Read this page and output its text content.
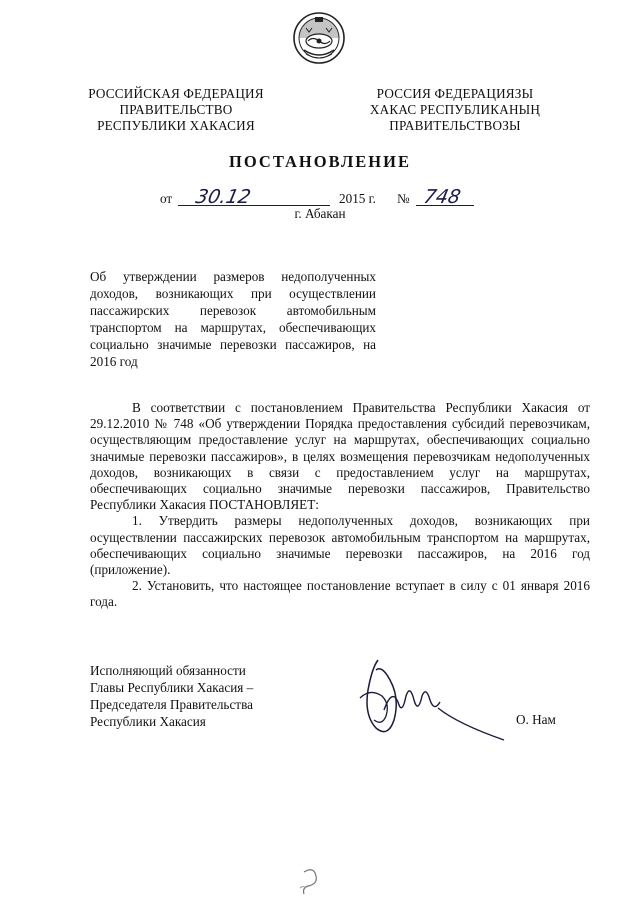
РОССИЙСКАЯ ФЕДЕРАЦИЯ
ПРАВИТЕЛЬСТВО
РЕСПУБЛИКИ ХАКАСИЯ
РОССИЯ ФЕДЕРАЦИЯЗЫ
ХАКАС РЕСПУБЛИКАНЫҢ
ПРАВИТЕЛЬСТВОЗЫ
ПОСТАНОВЛЕНИЕ
от 30.12	2015 г. № 748
г. Абакан
Об утверждении размеров недополученных доходов, возникающих при осуществлении пассажирских перевозок автомобильным транспортом на маршрутах, обеспечивающих социально значимые перевозки пассажиров, на 2016 год

В соответствии с постановлением Правительства Республики Хакасия от 29.12.2010 № 748 «Об утверждении Порядка предоставления субсидий перевозчикам, осуществляющим предоставление услуг на маршрутах, обеспечивающих социально значимые перевозки пассажиров», в целях возмещения перевозчикам недополученных доходов, возникающих в связи с предоставлением услуг на маршрутах, обеспечивающих социально значимые перевозки пассажиров, Правительство Республики Хакасия ПОСТАНОВЛЯЕТ:

1. Утвердить размеры недополученных доходов, возникающих при осуществлении пассажирских перевозок автомобильным транспортом на маршрутах, обеспечивающих социально значимые перевозки пассажиров, на 2016 год (приложение).

2. Установить, что настоящее постановление вступает в силу с 01 января 2016 года.

Исполняющий обязанности
Главы Республики Хакасия –
Председателя Правительства
Республики Хакасия	О. Нам
